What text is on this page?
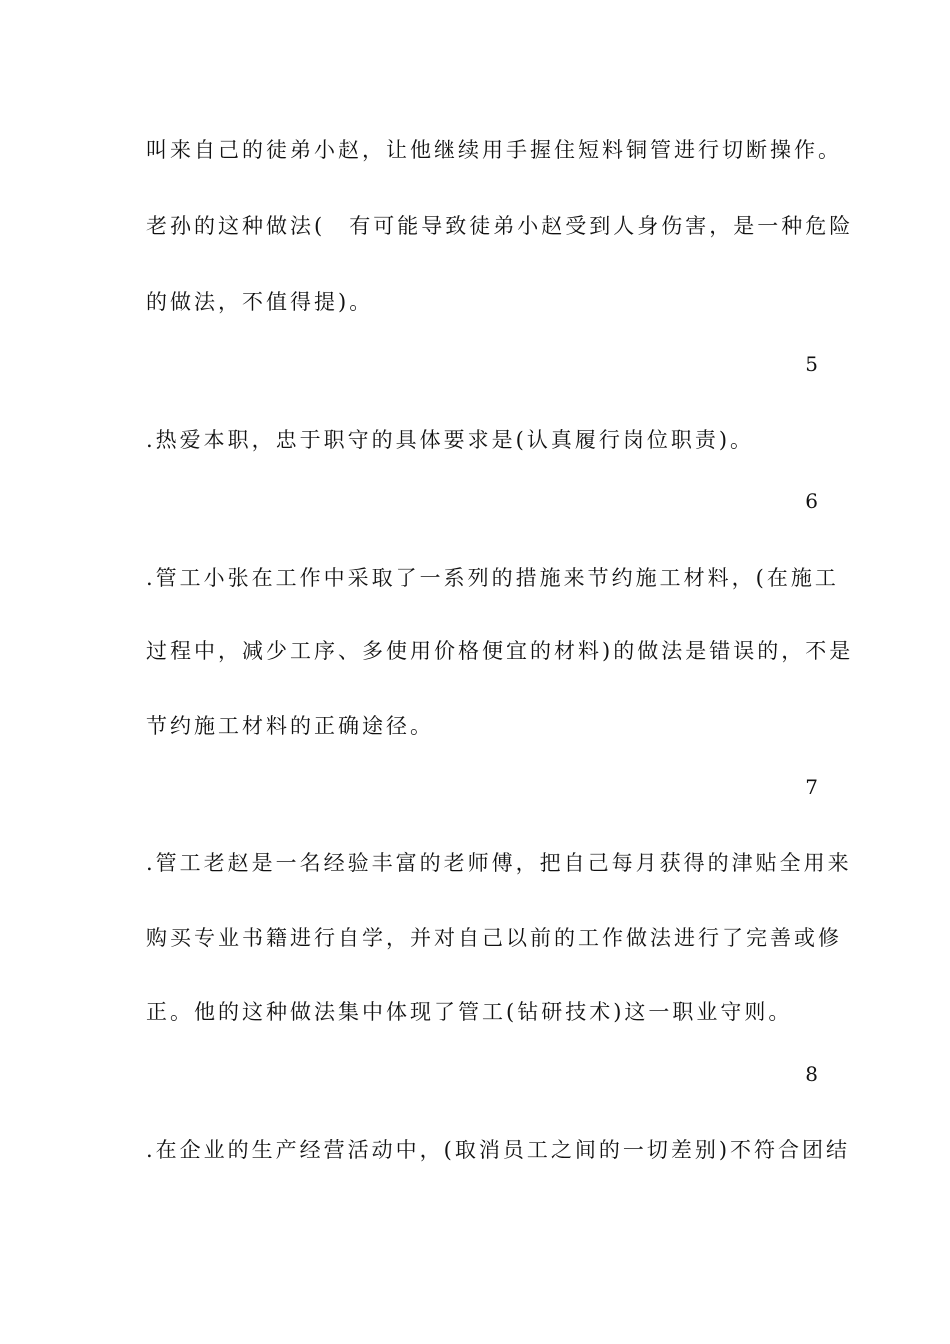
叫来自己的徒弟小赵，让他继续用手握住短料铜管进行切断操作。
老孙的这种做法(　有可能导致徒弟小赵受到人身伤害，是一种危险
的做法，不值得提)。
5
.热爱本职，忠于职守的具体要求是(认真履行岗位职责)。
6
.管工小张在工作中采取了一系列的措施来节约施工材料，(在施工
过程中，减少工序、多使用价格便宜的材料)的做法是错误的，不是
节约施工材料的正确途径。
7
.管工老赵是一名经验丰富的老师傅，把自己每月获得的津贴全用来
购买专业书籍进行自学，并对自己以前的工作做法进行了完善或修
正。他的这种做法集中体现了管工(钻研技术)这一职业守则。
8
.在企业的生产经营活动中，(取消员工之间的一切差别)不符合团结
